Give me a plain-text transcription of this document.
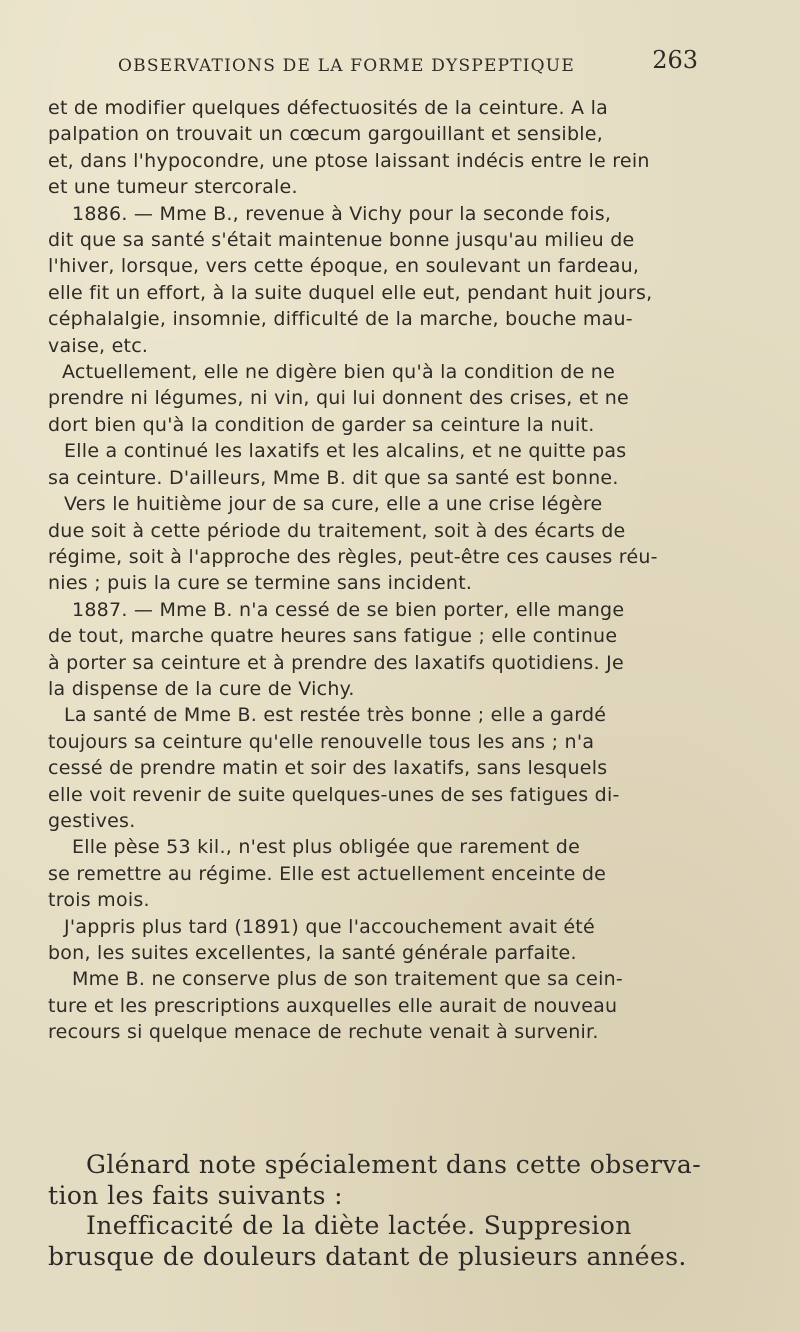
OBSERVATIONS DE LA FORME DYSPEPTIQUE	263
et de modifier quelques défectuosités de la ceinture. A la
palpation on trouvait un cœcum gargouillant et sensible,
et, dans l'hypocondre, une ptose laissant indécis entre le rein
et une tumeur stercorale.
1886. — Mme B., revenue à Vichy pour la seconde fois,
dit que sa santé s'était maintenue bonne jusqu'au milieu de
l'hiver, lorsque, vers cette époque, en soulevant un fardeau,
elle fit un effort, à la suite duquel elle eut, pendant huit jours,
céphalalgie, insomnie, difficulté de la marche, bouche mau-
vaise, etc.
Actuellement, elle ne digère bien qu'à la condition de ne
prendre ni légumes, ni vin, qui lui donnent des crises, et ne
dort bien qu'à la condition de garder sa ceinture la nuit.
Elle a continué les laxatifs et les alcalins, et ne quitte pas
sa ceinture. D'ailleurs, Mme B. dit que sa santé est bonne.
Vers le huitième jour de sa cure, elle a une crise légère
due soit à cette période du traitement, soit à des écarts de
régime, soit à l'approche des règles, peut-être ces causes réu-
nies ; puis la cure se termine sans incident.
1887. — Mme B. n'a cessé de se bien porter, elle mange
de tout, marche quatre heures sans fatigue ; elle continue
à porter sa ceinture et à prendre des laxatifs quotidiens. Je
la dispense de la cure de Vichy.
La santé de Mme B. est restée très bonne ; elle a gardé
toujours sa ceinture qu'elle renouvelle tous les ans ; n'a
cessé de prendre matin et soir des laxatifs, sans lesquels
elle voit revenir de suite quelques-unes de ses fatigues di-
gestives.
Elle pèse 53 kil., n'est plus obligée que rarement de
se remettre au régime. Elle est actuellement enceinte de
trois mois.
J'appris plus tard (1891) que l'accouchement avait été
bon, les suites excellentes, la santé générale parfaite.
Mme B. ne conserve plus de son traitement que sa cein-
ture et les prescriptions auxquelles elle aurait de nouveau
recours si quelque menace de rechute venait à survenir.
Glénard note spécialement dans cette observa-
tion les faits suivants :
Inefficacité de la diète lactée. Suppresion
brusque de douleurs datant de plusieurs années.
